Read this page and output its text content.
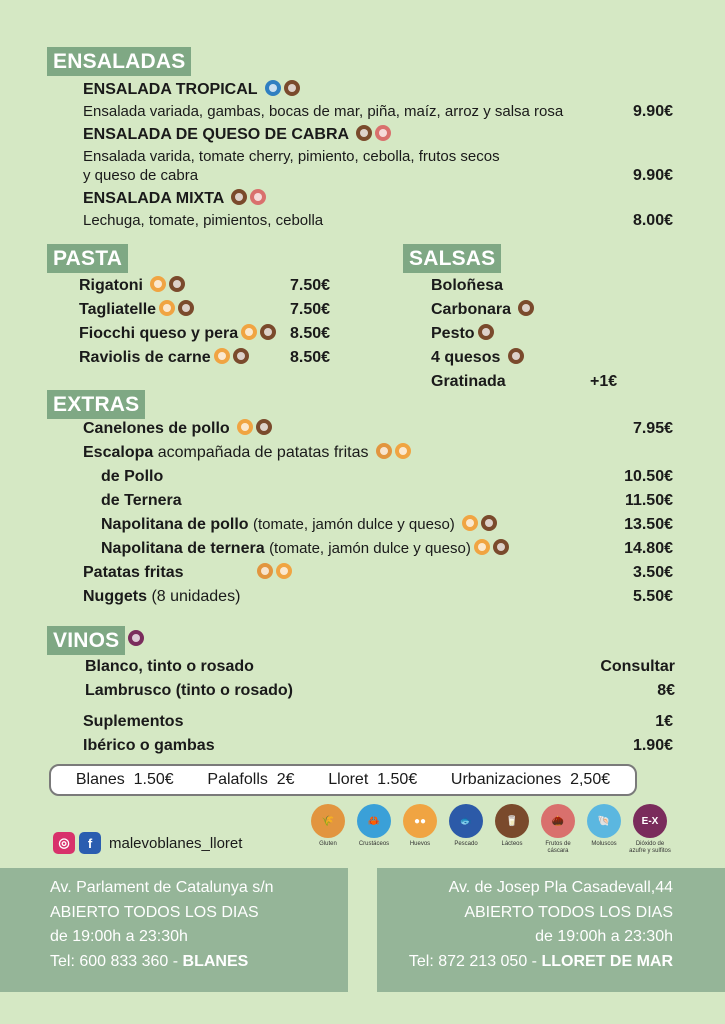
ENSALADAS
ENSALADA TROPICAL
Ensalada variada, gambas, bocas de mar, piña, maíz, arroz y salsa rosa	9.90€
ENSALADA DE QUESO DE CABRA
Ensalada varida, tomate cherry, pimiento, cebolla, frutos secos
y queso de cabra	9.90€
ENSALADA MIXTA
Lechuga, tomate, pimientos, cebolla	8.00€
PASTA
Rigatoni	7.50€
Tagliatelle	7.50€
Fiocchi queso y pera	8.50€
Raviolis de carne	8.50€
SALSAS
Boloñesa
Carbonara
Pesto
4 quesos
Gratinada	+1€
EXTRAS
Canelones de pollo	7.95€
Escalopa acompañada de patatas fritas
de Pollo	10.50€
de Ternera	11.50€
Napolitana de pollo (tomate, jamón dulce y queso)	13.50€
Napolitana de ternera (tomate, jamón dulce y queso)	14.80€
Patatas fritas	3.50€
Nuggets (8 unidades)	5.50€
VINOS
Blanco, tinto o rosado	Consultar
Lambrusco (tinto o rosado)	8€
Suplementos	1€
Ibérico o gambas	1.90€
Blanes 1.50€ Palafolls 2€ Lloret 1.50€ Urbanizaciones 2,50€
◎	f	malevoblanes_lloret
🌾
Gluten
🦀
Crustáceos
●●
Huevos
🐟
Pescado
🥛
Lácteos
🌰
Frutos de cáscara
🐚
Moluscos
E-X
Dióxido de azufre y sulfitos
Av. Parlament de Catalunya s/n
ABIERTO TODOS LOS DIAS
de 19:00h a 23:30h
Tel: 600 833 360 - BLANES
Av. de Josep Pla Casadevall,44
ABIERTO TODOS LOS DIAS
de 19:00h a 23:30h
Tel: 872 213 050 - LLORET DE MAR
